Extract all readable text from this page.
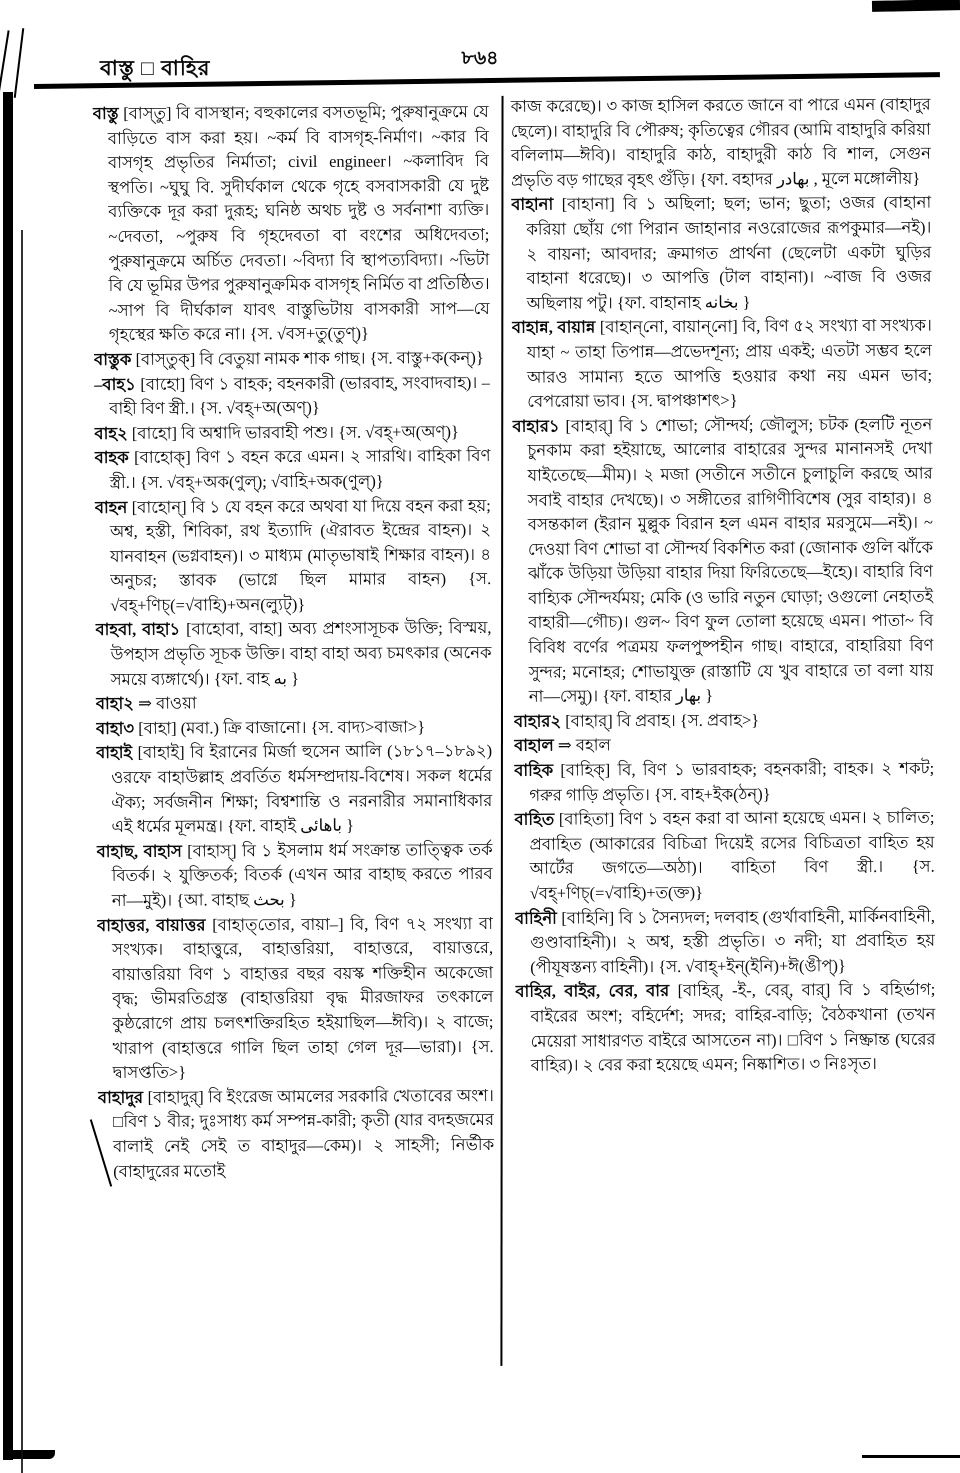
বাস্তু □ বাহির	৮৬৪

বাস্তু [বাস্‌তু] বি বাসস্থান; বহুকালের বসতভূমি; পুরুষানুক্রমে যে বাড়িতে বাস করা হয়। ~কর্ম বি বাসগৃহ-নির্মাণ। ~কার বি বাসগৃহ প্রভৃতির নির্মাতা; civil engineer। ~কলাবিদ বি স্থপতি। ~ঘুঘু বি. সুদীর্ঘকাল থেকে গৃহে বসবাসকারী যে দুষ্ট ব্যক্তিকে দূর করা দুরূহ; ঘনিষ্ঠ অথচ দুষ্ট ও সর্বনাশা ব্যক্তি। ~দেবতা, ~পুরুষ বি গৃহদেবতা বা বংশের অধিদেবতা; পুরুষানুক্রমে অর্চিত দেবতা। ~বিদ্যা বি স্থাপত্যবিদ্যা। ~ভিটা বি যে ভূমির উপর পুরুষানুক্রমিক বাসগৃহ নির্মিত বা প্রতিষ্ঠিত। ~সাপ বি দীর্ঘকাল যাবৎ বাস্তুভিটায় বাসকারী সাপ—যে গৃহস্থের ক্ষতি করে না। {স. √বস+তু(তুণ্)}

বাস্তুক [বাস্‌তুক্] বি বেতুয়া নামক শাক গাছ। {স. বাস্তু+ক(কন্)}

–বাহ১ [বাহো] বিণ ১ বাহক; বহনকারী (ভারবাহ, সংবাদবাহ)। –বাহী বিণ স্ত্রী.। {স. √বহ্+অ(অণ্)}

বাহ২ [বাহো] বি অশ্বাদি ভারবাহী পশু। {স. √বহ্+অ(অণ্)}

বাহক [বাহোক্] বিণ ১ বহন করে এমন। ২ সারথি। বাহিকা বিণ স্ত্রী.। {স. √বহ্+অক(ণুল্); √বাহি+অক(ণুল্)}

বাহন [বাহোন্] বি ১ যে বহন করে অথবা যা দিয়ে বহন করা হয়; অশ্ব, হস্তী, শিবিকা, রথ ইত্যাদি (ঐরাবত ইন্দ্রের বাহন)। ২ যানবাহন (ভগ্নবাহন)। ৩ মাধ্যম (মাতৃভাষাই শিক্ষার বাহন)। ৪ অনুচর; স্তাবক (ভাগ্নে ছিল মামার বাহন) {স. √বহ্+ণিচ্(=√বাহি)+অন(ল্যুট্)}

বাহবা, বাহা১ [বাহোবা, বাহা] অব্য প্রশংসাসূচক উক্তি; বিস্ময়, উপহাস প্রভৃতি সূচক উক্তি। বাহা বাহা অব্য চমৎকার (অনেক সময়ে ব্যঙ্গার্থে)। {ফা. বাহ به }

বাহা২ ⇒ বাওয়া

বাহা৩ [বাহা] (মবা.) ক্রি বাজানো। {স. বাদ্য>বাজা>}

বাহাই [বাহাই] বি ইরানের মির্জা হুসেন আলি (১৮১৭–১৮৯২) ওরফে বাহাউল্লাহ প্রবর্তিত ধর্মসম্প্রদায়-বিশেষ। সকল ধর্মের ঐক্য; সর্বজনীন শিক্ষা; বিশ্বশান্তি ও নরনারীর সমানাধিকার এই ধর্মের মূলমন্ত্র। {ফা. বাহাই باهائى }

বাহাছ, বাহাস [বাহাস্] বি ১ ইসলাম ধর্ম সংক্রান্ত তাত্ত্বিক তর্ক বিতর্ক। ২ যুক্তিতর্ক; বিতর্ক (এখন আর বাহাছ করতে পারব না—মুই)। {আ. বাহাছ بحث }

বাহাত্তর, বায়াত্তর [বাহাত্‌তোর, বায়া–] বি, বিণ ৭২ সংখ্যা বা সংখ্যক। বাহাত্তুরে, বাহাত্তরিয়া, বাহাত্তরে, বায়াত্তরে, বায়াত্তরিয়া বিণ ১ বাহাত্তর বছর বয়স্ক শক্তিহীন অকেজো বৃদ্ধ; ভীমরতিগ্রস্ত (বাহাত্তরিয়া বৃদ্ধ মীরজাফর তৎকালে কুষ্ঠরোগে প্রায় চলৎশক্তিরহিত হইয়াছিল—ঈবি)। ২ বাজে; খারাপ (বাহাত্তরে গালি ছিল তাহা গেল দূর—ভারা)। {স. দ্বাসপ্ততি>}

বাহাদুর [বাহাদুর্] বি ইংরেজ আমলের সরকারি খেতাবের অংশ। □বিণ ১ বীর; দুঃসাধ্য কর্ম সম্পন্ন-কারী; কৃতী (যার বদহজমের বালাই নেই সেই ত বাহাদুর—কেম)। ২ সাহসী; নির্ভীক (বাহাদুরের মতোই

কাজ করেছে)। ৩ কাজ হাসিল করতে জানে বা পারে এমন (বাহাদুর ছেলে)। বাহাদুরি বি পৌরুষ; কৃতিত্বের গৌরব (আমি বাহাদুরি করিয়া বলিলাম—ঈবি)। বাহাদুরি কাঠ, বাহাদুরী কাঠ বি শাল, সেগুন প্রভৃতি বড় গাছের বৃহৎ গুঁড়ি। {ফা. বহাদর بهادر , মূলে মঙ্গোলীয়}

বাহানা [বাহানা] বি ১ অছিলা; ছল; ভান; ছুতা; ওজর (বাহানা করিয়া ছোঁয় গো পিরান জাহানার নওরোজের রূপকুমার—নই)। ২ বায়না; আবদার; ক্রমাগত প্রার্থনা (ছেলেটা একটা ঘুড়ির বাহানা ধরেছে)। ৩ আপত্তি (টাল বাহানা)। ~বাজ বি ওজর অছিলায় পটু। {ফা. বাহানাহ بخانه }

বাহান্ন, বায়ান্ন [বাহান্‌নো, বায়ান্‌নো] বি, বিণ ৫২ সংখ্যা বা সংখ্যক। যাহা ~ তাহা তিপান্ন—প্রভেদশূন্য; প্রায় একই; এতটা সম্ভব হলে আরও সামান্য হতে আপত্তি হওয়ার কথা নয় এমন ভাব; বেপরোয়া ভাব। {স. দ্বাপঞ্চাশৎ>}

বাহার১ [বাহার্] বি ১ শোভা; সৌন্দর্য; জৌলুস; চটক (হলটি নূতন চুনকাম করা হইয়াছে, আলোর বাহারের সুন্দর মানানসই দেখা যাইতেছে—মীম)। ২ মজা (সতীনে সতীনে চুলাচুলি করছে আর সবাই বাহার দেখছে)। ৩ সঙ্গীতের রাগিণীবিশেষ (সুর বাহার)। ৪ বসন্তকাল (ইরান মুল্লুক বিরান হল এমন বাহার মরসুমে—নই)। ~ দেওয়া বিণ শোভা বা সৌন্দর্য বিকশিত করা (জোনাক গুলি ঝাঁকে ঝাঁকে উড়িয়া উড়িয়া বাহার দিয়া ফিরিতেছে—ইহে)। বাহারি বিণ বাহ্যিক সৌন্দর্যময়; মেকি (ও ভারি নতুন ঘোড়া; ওগুলো নেহাতই বাহারী—গৌচ)। গুল~ বিণ ফুল তোলা হয়েছে এমন। পাতা~ বি বিবিধ বর্ণের পত্রময় ফলপুষ্পহীন গাছ। বাহারে, বাহারিয়া বিণ সুন্দর; মনোহর; শোভাযুক্ত (রাস্তাটি যে খুব বাহারে তা বলা যায় না—সেমু)। {ফা. বাহার بهار }

বাহার২ [বাহার্] বি প্রবাহ। {স. প্রবাহ>}

বাহাল ⇒ বহাল

বাহিক [বাহিক্] বি, বিণ ১ ভারবাহক; বহনকারী; বাহক। ২ শকট; গরুর গাড়ি প্রভৃতি। {স. বাহ+ইক(ঠন্)}

বাহিত [বাহিতা] বিণ ১ বহন করা বা আনা হয়েছে এমন। ২ চালিত; প্রবাহিত (আকারের বিচিত্রা দিয়েই রসের বিচিত্রতা বাহিত হয় আর্টের জগতে—অঠা)। বাহিতা বিণ স্ত্রী.। {স. √বহ্+ণিচ্(=√বাহি)+ত(ক্ত)}

বাহিনী [বাহিনি] বি ১ সৈন্যদল; দলবাহ (গুর্খাবাহিনী, মার্কিনবাহিনী, গুণ্ডাবাহিনী)। ২ অশ্ব, হস্তী প্রভৃতি। ৩ নদী; যা প্রবাহিত হয় (পীযূষস্তন্য বাহিনী)। {স. √বাহ্+ইন্(ইনি)+ঈ(ঙীপ্)}

বাহির, বাইর, বের, বার [বাহির্, -ই-, বের্, বার্] বি ১ বহির্ভাগ; বাইরের অংশ; বহির্দেশ; সদর; বাহির-বাড়ি; বৈঠকখানা (তখন মেয়েরা সাধারণত বাইরে আসতেন না)। □বিণ ১ নিষ্ক্রান্ত (ঘরের বাহির)। ২ বের করা হয়েছে এমন; নিষ্কাশিত। ৩ নিঃসৃত।
